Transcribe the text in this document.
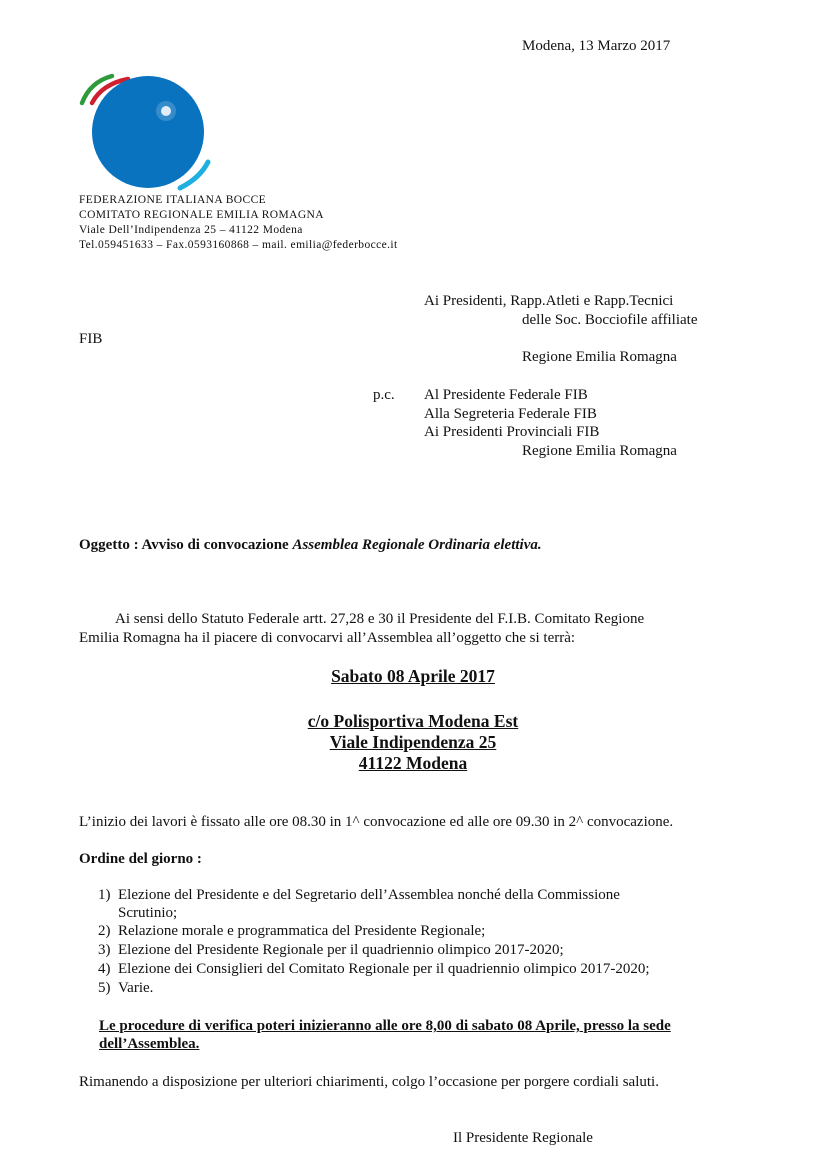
Modena, 13 Marzo 2017
FEDERAZIONE ITALIANA BOCCE
COMITATO REGIONALE EMILIA ROMAGNA
Viale Dell’Indipendenza 25 – 41122 Modena
Tel.059451633 – Fax.0593160868 – mail. emilia@federbocce.it
Ai Presidenti, Rapp.Atleti e Rapp.Tecnici
delle Soc. Bocciofile affiliate
FIB
Regione Emilia Romagna
p.c. Al Presidente Federale FIB
Alla Segreteria Federale FIB
Ai Presidenti Provinciali FIB
Regione Emilia Romagna
Oggetto : Avviso di convocazione Assemblea Regionale Ordinaria elettiva.
Ai sensi dello Statuto Federale artt. 27,28 e 30 il Presidente del F.I.B. Comitato Regione
Emilia Romagna ha il piacere di convocarvi all’Assemblea all’oggetto che si terrà:
Sabato 08 Aprile 2017
c/o Polisportiva Modena Est
Viale Indipendenza 25
41122 Modena
L’inizio dei lavori è fissato alle ore 08.30 in 1^ convocazione ed alle ore 09.30 in 2^ convocazione.
Ordine del giorno :
1) Elezione del Presidente e del Segretario dell’Assemblea nonché della Commissione
Scrutinio;
2) Relazione morale e programmatica del Presidente Regionale;
3) Elezione del Presidente Regionale per il quadriennio olimpico 2017-2020;
4) Elezione dei Consiglieri del Comitato Regionale per il quadriennio olimpico 2017-2020;
5) Varie.
Le procedure di verifica poteri inizieranno alle ore 8,00 di sabato 08 Aprile, presso la sede
dell’Assemblea.
Rimanendo a disposizione per ulteriori chiarimenti, colgo l’occasione per porgere cordiali saluti.
Il Presidente Regionale
